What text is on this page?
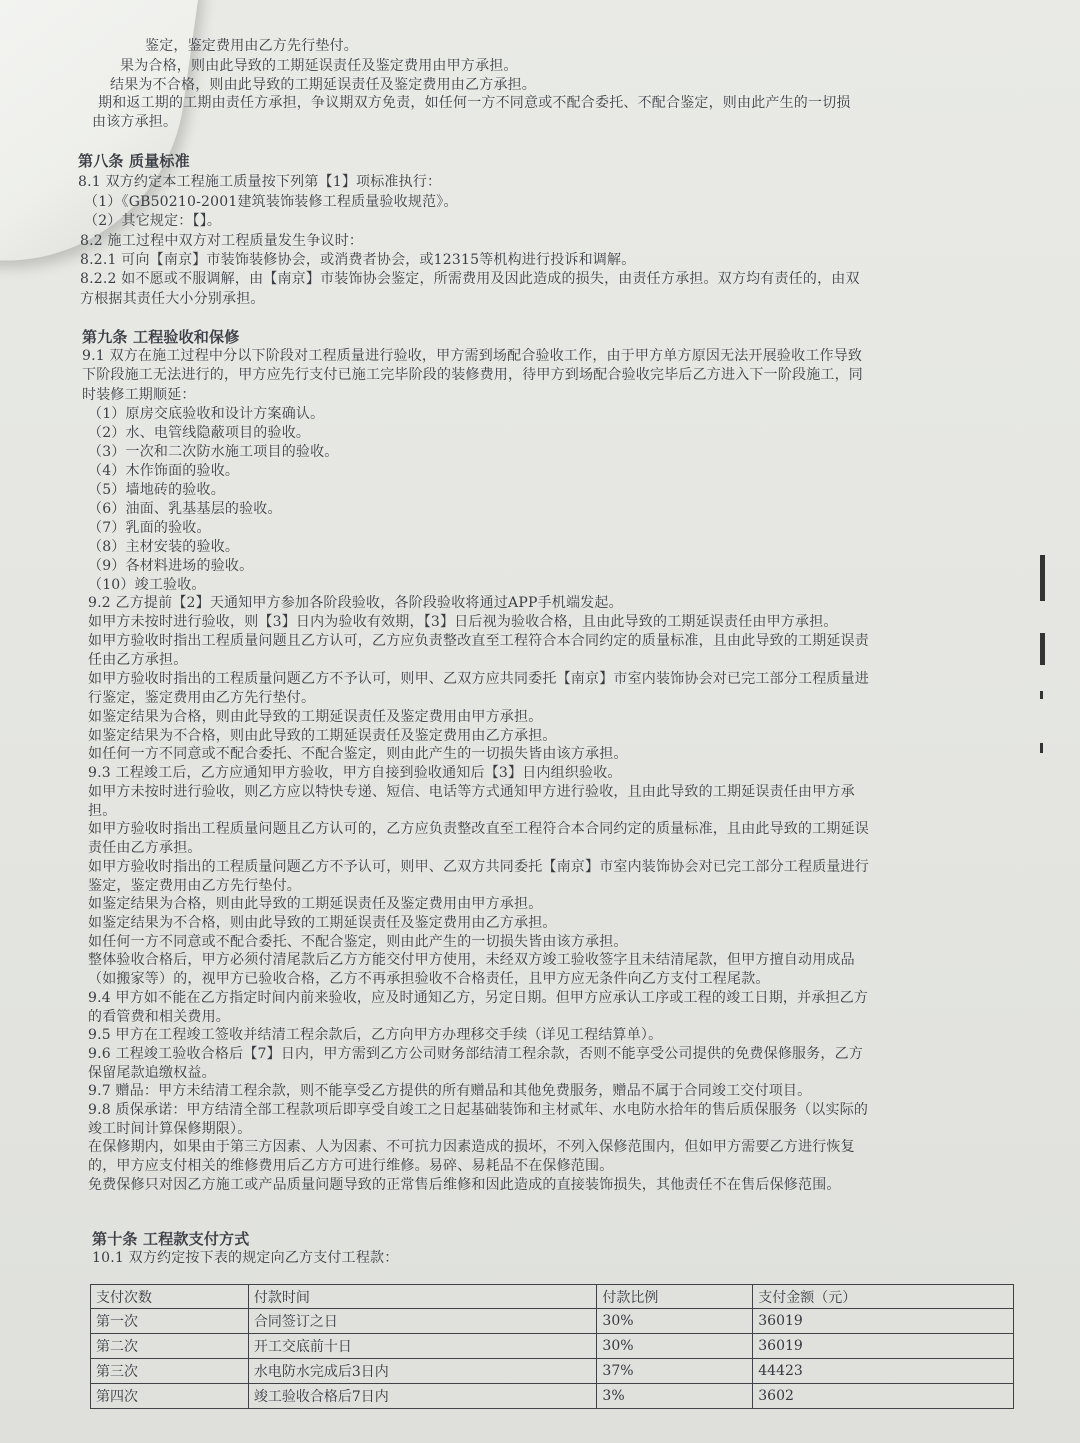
鉴定，鉴定费用由乙方先行垫付。
果为合格，则由此导致的工期延误责任及鉴定费用由甲方承担。
结果为不合格，则由此导致的工期延误责任及鉴定费用由乙方承担。
期和返工期的工期由责任方承担，争议期双方免责，如任何一方不同意或不配合委托、不配合鉴定，则由此产生的一切损
由该方承担。
第八条 质量标准
8.1 双方约定本工程施工质量按下列第【1】项标准执行：
（1）《GB50210-2001建筑装饰装修工程质量验收规范》。
（2）其它规定：【】。
8.2 施工过程中双方对工程质量发生争议时：
8.2.1 可向【南京】市装饰装修协会，或消费者协会，或12315等机构进行投诉和调解。
8.2.2 如不愿或不服调解，由【南京】市装饰协会鉴定，所需费用及因此造成的损失，由责任方承担。双方均有责任的，由双
方根据其责任大小分别承担。
第九条 工程验收和保修
9.1 双方在施工过程中分以下阶段对工程质量进行验收，甲方需到场配合验收工作，由于甲方单方原因无法开展验收工作导致
下阶段施工无法进行的，甲方应先行支付已施工完毕阶段的装修费用，待甲方到场配合验收完毕后乙方进入下一阶段施工，同
时装修工期顺延：
（1）原房交底验收和设计方案确认。
（2）水、电管线隐蔽项目的验收。
（3）一次和二次防水施工项目的验收。
（4）木作饰面的验收。
（5）墙地砖的验收。
（6）油面、乳基基层的验收。
（7）乳面的验收。
（8）主材安装的验收。
（9）各材料进场的验收。
（10）竣工验收。
9.2 乙方提前【2】天通知甲方参加各阶段验收，各阶段验收将通过APP手机端发起。
如甲方未按时进行验收，则【3】日内为验收有效期，【3】日后视为验收合格，且由此导致的工期延误责任由甲方承担。
如甲方验收时指出工程质量问题且乙方认可，乙方应负责整改直至工程符合本合同约定的质量标准，且由此导致的工期延误责
任由乙方承担。
如甲方验收时指出的工程质量问题乙方不予认可，则甲、乙双方应共同委托【南京】市室内装饰协会对已完工部分工程质量进
行鉴定，鉴定费用由乙方先行垫付。
如鉴定结果为合格，则由此导致的工期延误责任及鉴定费用由甲方承担。
如鉴定结果为不合格，则由此导致的工期延误责任及鉴定费用由乙方承担。
如任何一方不同意或不配合委托、不配合鉴定，则由此产生的一切损失皆由该方承担。
9.3 工程竣工后，乙方应通知甲方验收，甲方自接到验收通知后【3】日内组织验收。
如甲方未按时进行验收，则乙方应以特快专递、短信、电话等方式通知甲方进行验收，且由此导致的工期延误责任由甲方承
担。
如甲方验收时指出工程质量问题且乙方认可的，乙方应负责整改直至工程符合本合同约定的质量标准，且由此导致的工期延误
责任由乙方承担。
如甲方验收时指出的工程质量问题乙方不予认可，则甲、乙双方共同委托【南京】市室内装饰协会对已完工部分工程质量进行
鉴定，鉴定费用由乙方先行垫付。
如鉴定结果为合格，则由此导致的工期延误责任及鉴定费用由甲方承担。
如鉴定结果为不合格，则由此导致的工期延误责任及鉴定费用由乙方承担。
如任何一方不同意或不配合委托、不配合鉴定，则由此产生的一切损失皆由该方承担。
整体验收合格后，甲方必须付清尾款后乙方方能交付甲方使用，未经双方竣工验收签字且未结清尾款，但甲方擅自动用成品
（如搬家等）的，视甲方已验收合格，乙方不再承担验收不合格责任，且甲方应无条件向乙方支付工程尾款。
9.4 甲方如不能在乙方指定时间内前来验收，应及时通知乙方，另定日期。但甲方应承认工序或工程的竣工日期，并承担乙方
的看管费和相关费用。
9.5 甲方在工程竣工签收并结清工程余款后，乙方向甲方办理移交手续（详见工程结算单）。
9.6 工程竣工验收合格后【7】日内，甲方需到乙方公司财务部结清工程余款，否则不能享受公司提供的免费保修服务，乙方
保留尾款追缴权益。
9.7 赠品：甲方未结清工程余款，则不能享受乙方提供的所有赠品和其他免费服务，赠品不属于合同竣工交付项目。
9.8 质保承诺：甲方结清全部工程款项后即享受自竣工之日起基础装饰和主材贰年、水电防水拾年的售后质保服务（以实际的
竣工时间计算保修期限）。
在保修期内，如果由于第三方因素、人为因素、不可抗力因素造成的损坏，不列入保修范围内，但如甲方需要乙方进行恢复
的，甲方应支付相关的维修费用后乙方方可进行维修。易碎、易耗品不在保修范围。
免费保修只对因乙方施工或产品质量问题导致的正常售后维修和因此造成的直接装饰损失，其他责任不在售后保修范围。
第十条 工程款支付方式
10.1 双方约定按下表的规定向乙方支付工程款：
支付次数	付款时间	付款比例	支付金额（元）
第一次	合同签订之日	30%	36019
第二次	开工交底前十日	30%	36019
第三次	水电防水完成后3日内	37%	44423
第四次	竣工验收合格后7日内	3%	3602
